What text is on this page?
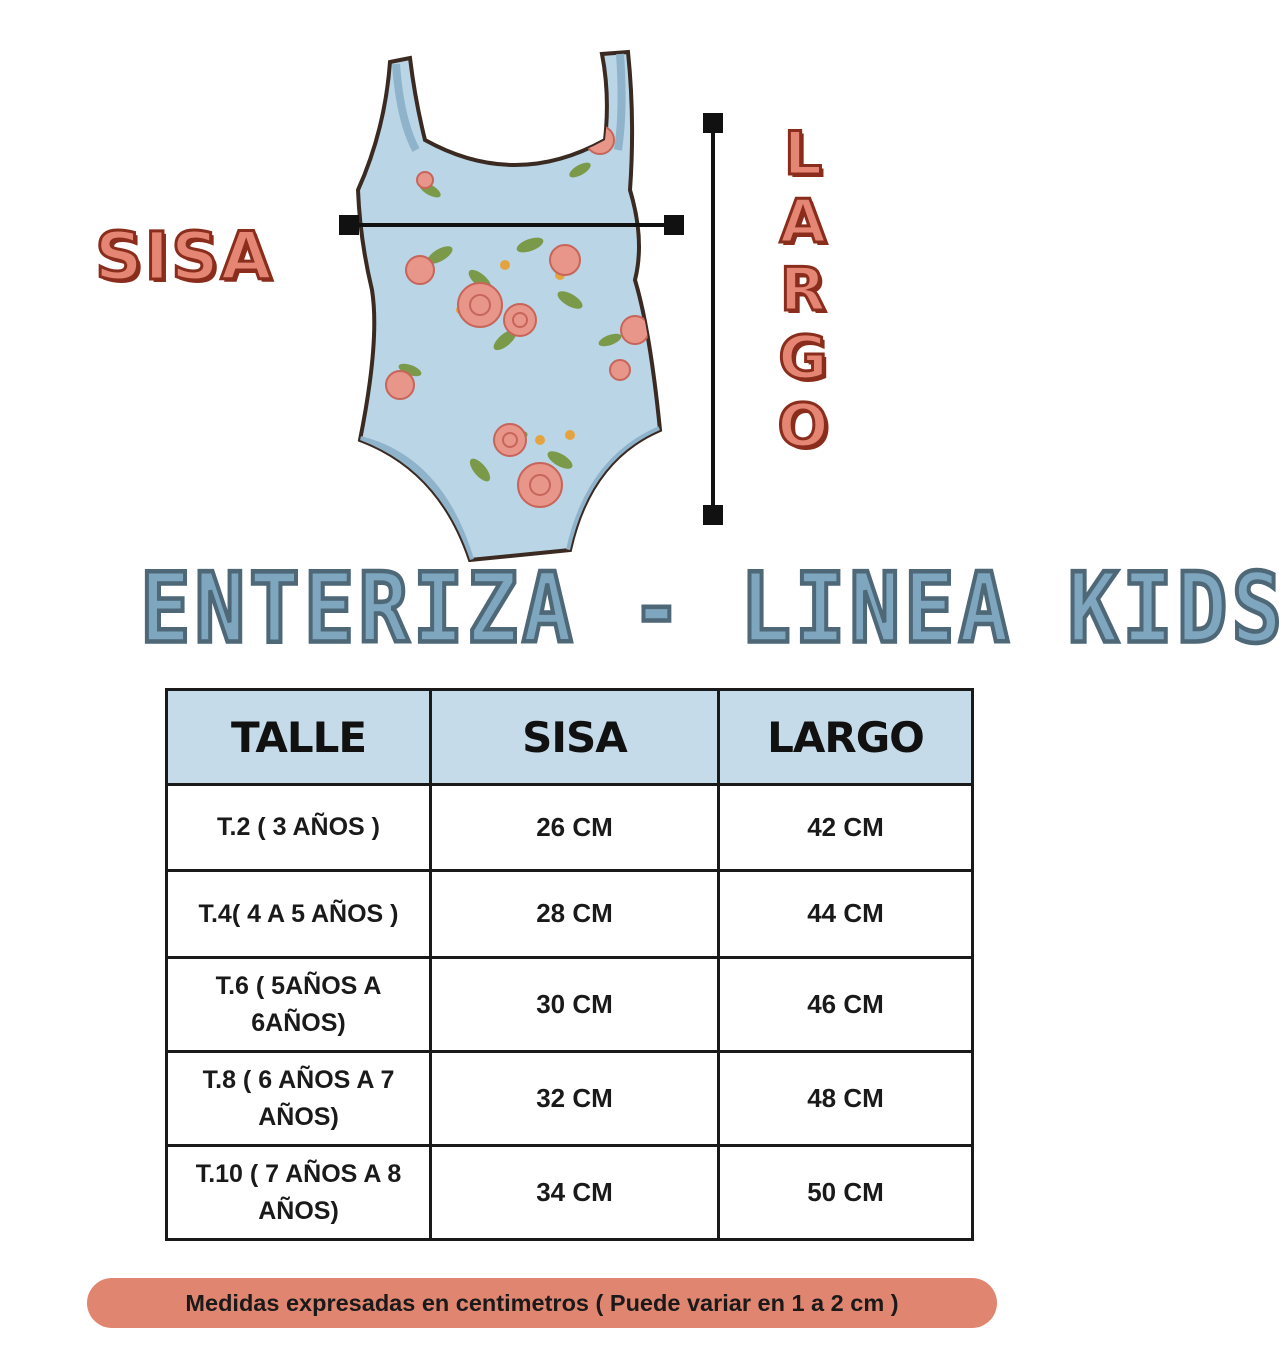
SISA
L
A
R
G
O
ENTERIZA - LINEA KIDS
TALLE	SISA	LARGO
T.2 ( 3 AÑOS )	26 CM	42 CM
T.4( 4 A 5 AÑOS )	28 CM	44 CM
T.6 ( 5AÑOS A
6AÑOS)	30 CM	46 CM
T.8 ( 6 AÑOS A 7
AÑOS)	32 CM	48 CM
T.10 ( 7 AÑOS A 8
AÑOS)	34 CM	50 CM
Medidas expresadas en centimetros ( Puede variar en 1 a 2 cm )
